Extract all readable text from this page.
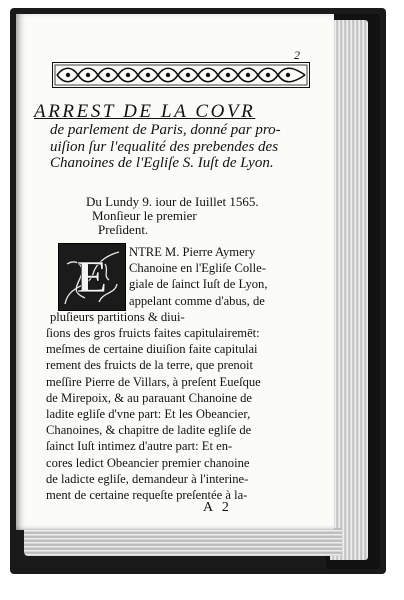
2
ARREST DE LA COVR
de parlement de Paris, donné par pro-
uiſion ſur l'equalité des prebendes des
Chanoines de l'Egliſe S. Iuſt de Lyon.
Du Lundy 9. iour de Iuillet 1565.
Monſieur le premier
Preſident.
E	NTRE M. Pierre Aymery
Chanoine en l'Egliſe Colle-
giale de ſainct Iuſt de Lyon,
appelant comme d'abus, de
pluſieurs partitions & diui-
ſions des gros fruicts faites capitulairemēt:
meſmes de certaine diuiſion faite capitulai
rement des fruicts de la terre, que prenoit
meſſire Pierre de Villars, à preſent Eueſque
de Mirepoix, & au parauant Chanoine de
ladite egliſe d'vne part: Et les Obeancier,
Chanoines, & chapitre de ladite egliſe de
ſainct Iuſt intimez d'autre part: Et en-
cores ledict Obeancier premier chanoine
de ladicte egliſe, demandeur à l'interine-
ment de certaine requeſte preſentée à la-
A 2
